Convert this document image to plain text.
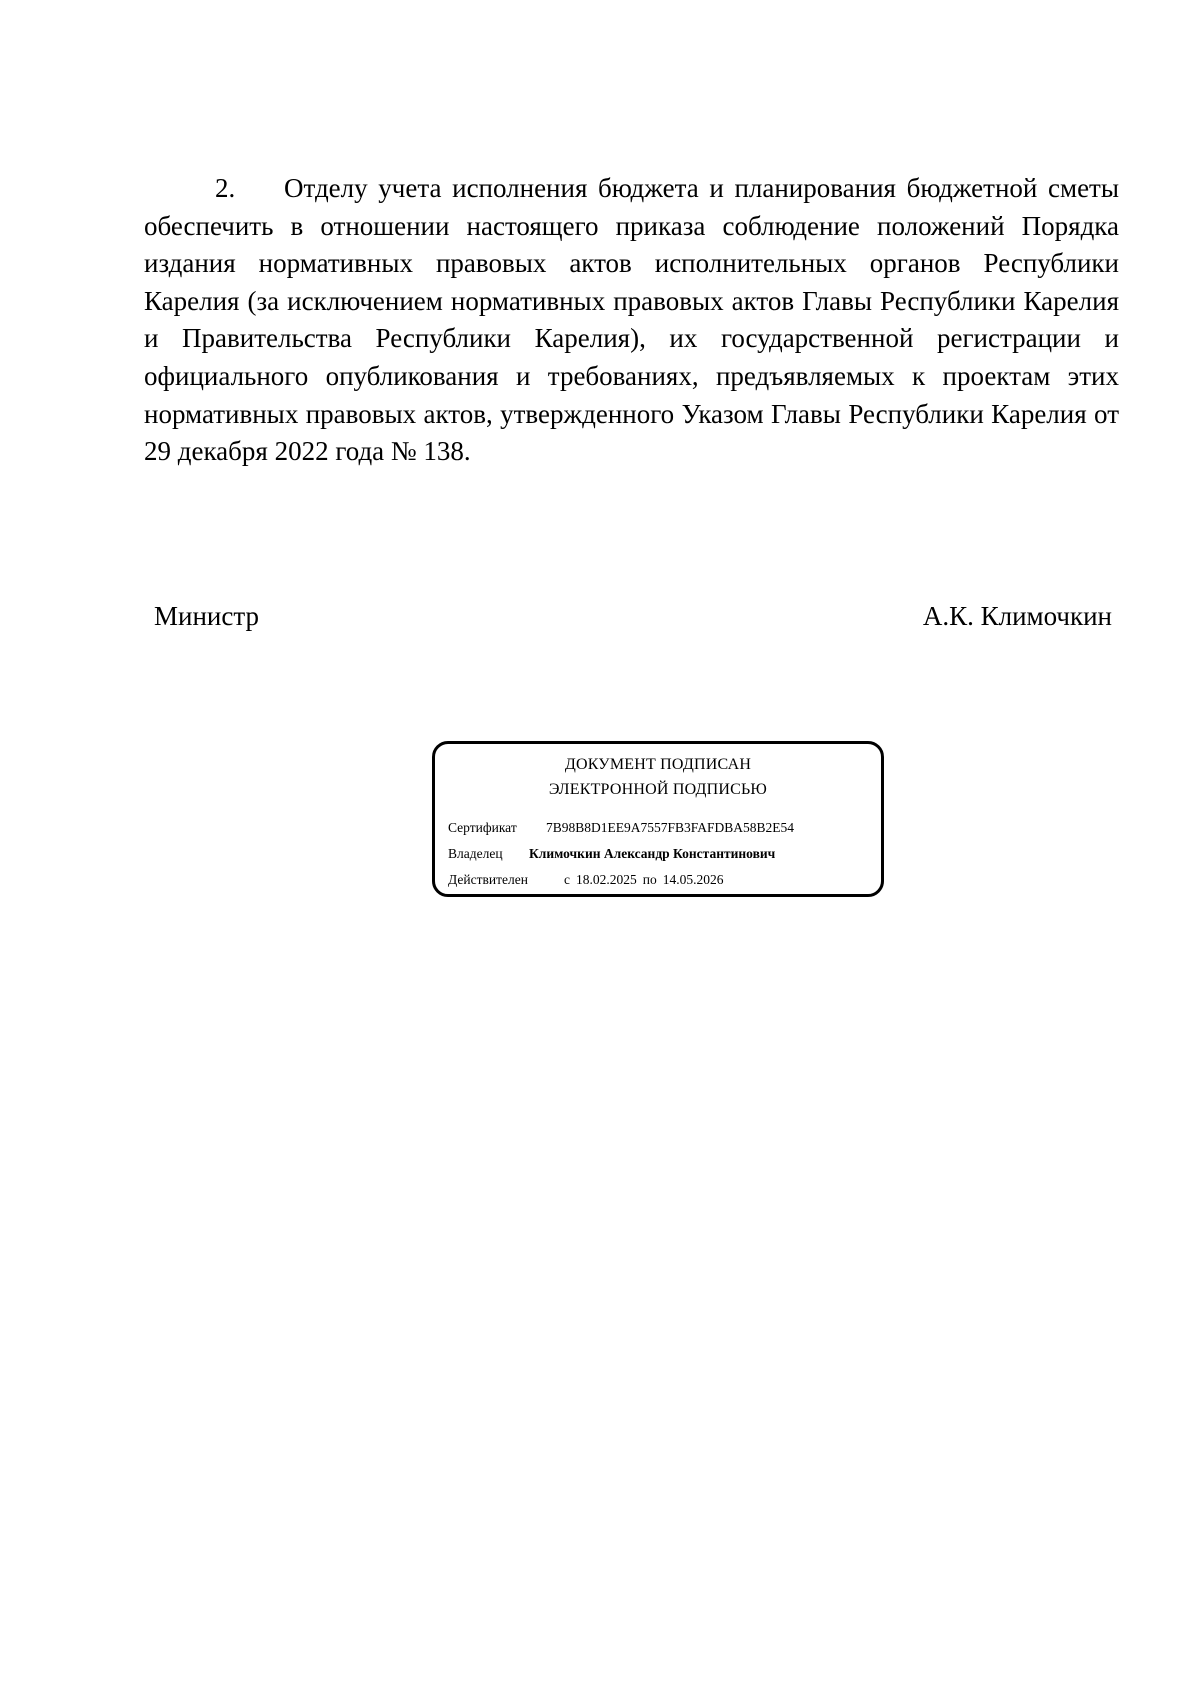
2. Отделу учета исполнения бюджета и планирования бюджетной сметы обеспечить в отношении настоящего приказа соблюдение положений Порядка издания нормативных правовых актов исполнительных органов Республики Карелия (за исключением нормативных правовых актов Главы Республики Карелия и Правительства Республики Карелия), их государственной регистрации и официального опубликования и требованиях, предъявляемых к проектам этих нормативных правовых актов, утвержденного Указом Главы Республики Карелия от 29 декабря 2022 года № 138.

Министр	А.К. Климочкин
ДОКУМЕНТ ПОДПИСАН
ЭЛЕКТРОННОЙ ПОДПИСЬЮ
Сертификат 7B98B8D1EE9A7557FB3FAFDBA58B2E54
Владелец Климочкин Александр Константинович
Действителен	с 18.02.2025 по 14.05.2026
